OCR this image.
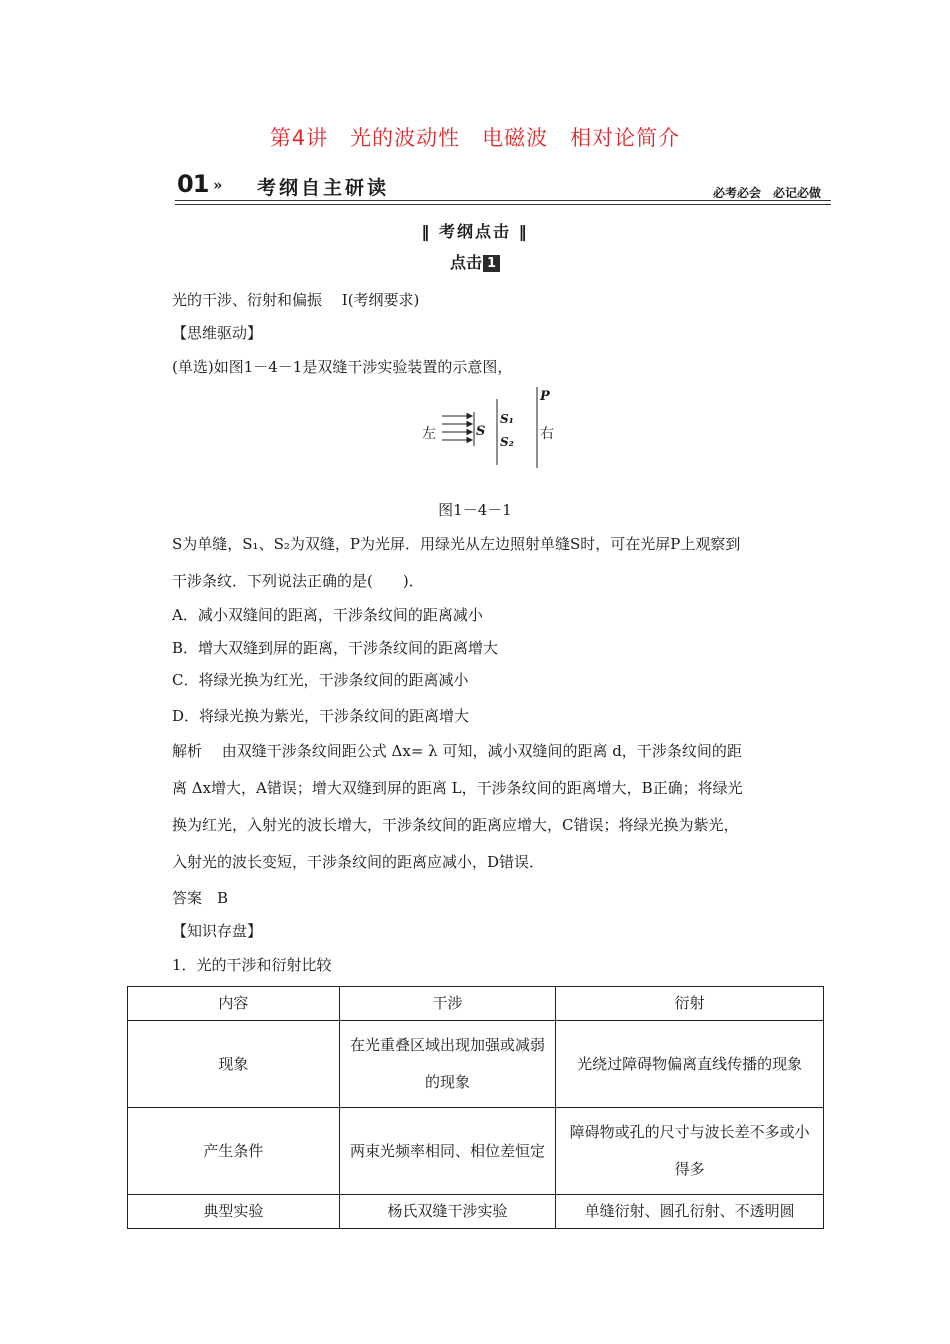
第4讲　光的波动性　电磁波　相对论简介
01 » 考纲自主研读	必考必会　必记必做
‖ 考纲点击 ‖
点击 1
光的干涉、衍射和偏振　 Ⅰ(考纲要求)
【思维驱动】
(单选)如图1－4－1是双缝干涉实验装置的示意图，
左	S
S₁
S₂
P
右
图1－4－1
S为单缝，S₁、S₂为双缝，P为光屏．用绿光从左边照射单缝S时，可在光屏P上观察到
干涉条纹．下列说法正确的是(　　)．
A．减小双缝间的距离，干涉条纹间的距离减小
B．增大双缝到屏的距离，干涉条纹间的距离增大
C．将绿光换为红光，干涉条纹间的距离减小
D．将绿光换为紫光，干涉条纹间的距离增大
解析　 由双缝干涉条纹间距公式 Δx= λ 可知，减小双缝间的距离 d，干涉条纹间的距
离 Δx增大，A错误；增大双缝到屏的距离 L，干涉条纹间的距离增大，B正确；将绿光
换为红光，入射光的波长增大，干涉条纹间的距离应增大，C错误；将绿光换为紫光，
入射光的波长变短，干涉条纹间的距离应减小，D错误．
答案　B
【知识存盘】
1．光的干涉和衍射比较
内容	干涉	衍射
现象	在光重叠区域出现加强或减弱的现象	光绕过障碍物偏离直线传播的现象
产生条件	两束光频率相同、相位差恒定	障碍物或孔的尺寸与波长差不多或小得多
典型实验	杨氏双缝干涉实验	单缝衍射、圆孔衍射、不透明圆
